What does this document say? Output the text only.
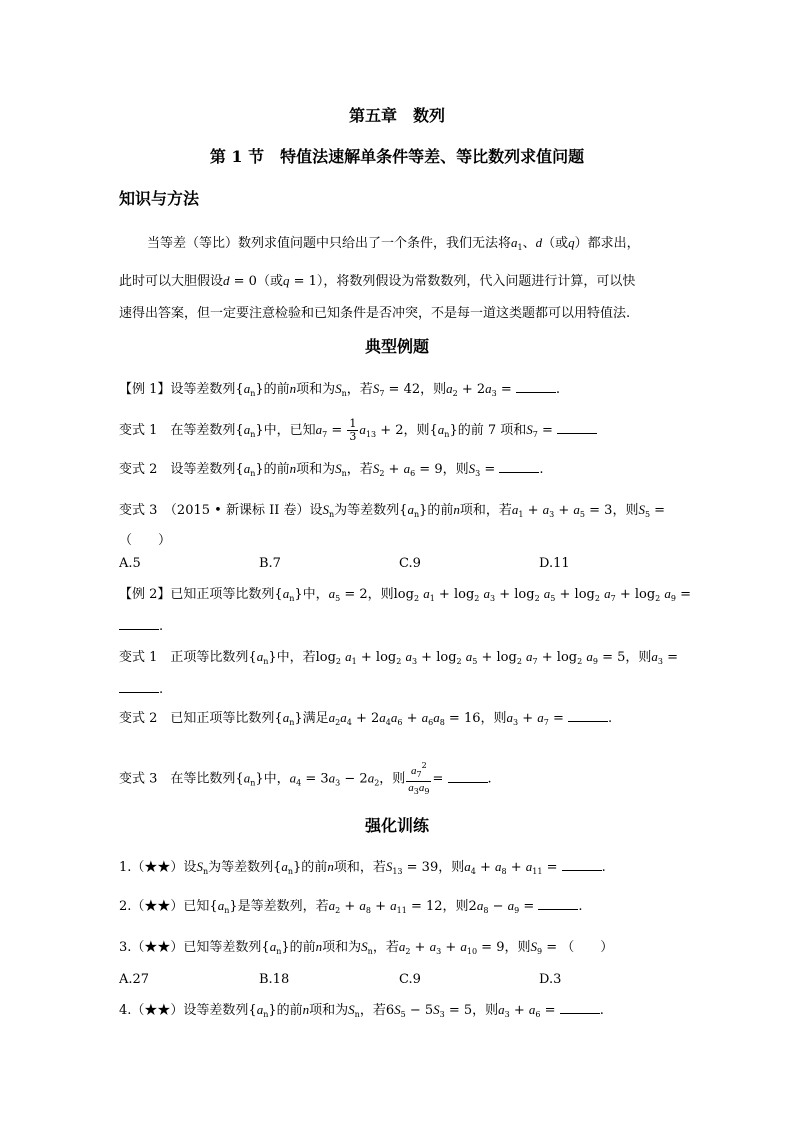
第五章　数列
第 1 节　特值法速解单条件等差、等比数列求值问题
知识与方法
当等差（等比）数列求值问题中只给出了一个条件，我们无法将$a_1$、d（或q）都求出，
此时可以大胆假设d = 0（或q = 1），将数列假设为常数数列，代入问题进行计算，可以快
速得出答案，但一定要注意检验和已知条件是否冲突，不是每一道这类题都可以用特值法.
典型例题
【例 1】设等差数列$\{a_n\}$的前n项和为$S_n$，若$S_7 = 42$，则$a_2 + 2a_3$ =	.
变式 1　在等差数列$\{a_n\}$中，已知$a_7 = \frac{1}{3} a_{13} + 2$，则$\{a_n\}$的前 7 项和$S_7$ =
变式 2　设等差数列$\{a_n\}$的前n项和为$S_n$，若$S_2 + a_6 = 9$，则$S_3$ =	.
变式 3　 （2015 • 新课标 II 卷）设$S_n$为等差数列$\{a_n\}$的前n项和，若$a_1 + a_3 + a_5 = 3$，则$S_5$ =
（　　）
A.5	B.7	C.9	D.11
【例 2】已知正项等比数列$\{a_n\}$中，$a_5 = 2$，则$\log_2 a_1 + \log_2 a_3 + \log_2 a_5 + \log_2 a_7 + \log_2 a_9$ =
.
变式 1　正项等比数列$\{a_n\}$中，若$\log_2 a_1 + \log_2 a_3 + \log_2 a_5 + \log_2 a_7 + \log_2 a_9 = 5$，则$a_3$ =
.
变式 2　已知正项等比数列$\{a_n\}$满足$a_2a_4 + 2a_4a_6 + a_6a_8 = 16$，则$a_3 + a_7$ =	.
变式 3　在等比数列$\{a_n\}$中，$a_4 = 3a_3 - 2a_2$，则 $\frac{a_7^2}{a_3a_9}$ =	.
强化训练
1.（★★）设$S_n$为等差数列$\{a_n\}$的前n项和，若$S_{13} = 39$，则$a_4 + a_8 + a_{11}$ =	.
2.（★★）已知$\{a_n\}$是等差数列，若$a_2 + a_8 + a_{11} = 12$，则$2a_8 - a_9$ =	.
3.（★★）已知等差数列$\{a_n\}$的前n项和为$S_n$，若$a_2 + a_3 + a_{10} = 9$，则$S_9$ = （　　）
A.27	B.18	C.9	D.3
4.（★★）设等差数列$\{a_n\}$的前n项和为$S_n$，若$6S_5 - 5S_3 = 5$，则$a_3 + a_6$ =	.
